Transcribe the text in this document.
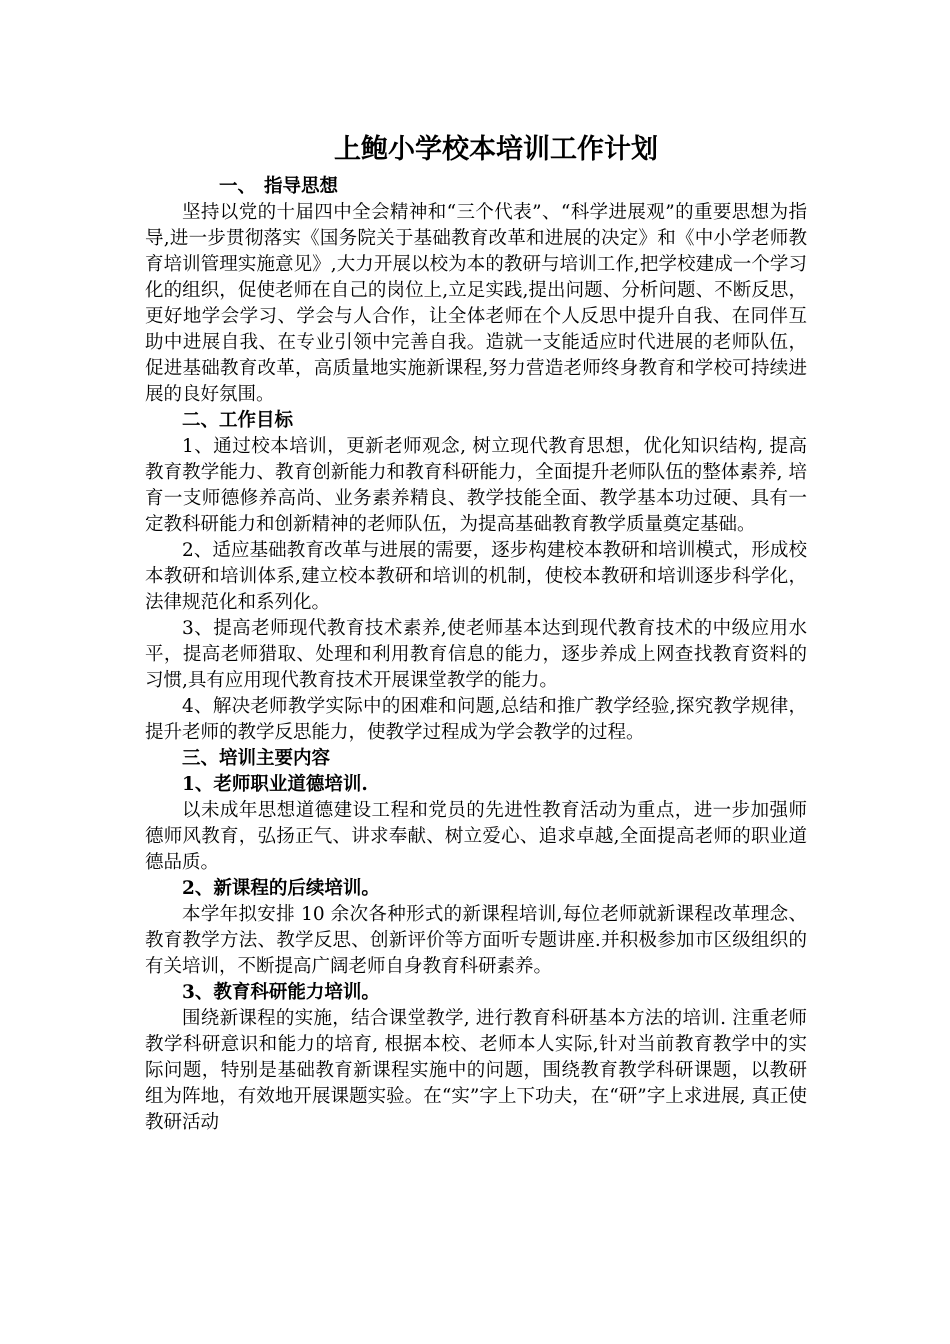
上鲍小学校本培训工作计划

一、 指导思想

坚持以党的十届四中全会精神和“三个代表”、“科学进展观”的重要思想为指导,进一步贯彻落实《国务院关于基础教育改革和进展的决定》和《中小学老师教育培训管理实施意见》,大力开展以校为本的教研与培训工作,把学校建成一个学习化的组织，促使老师在自己的岗位上,立足实践,提出问题、分析问题、不断反思，更好地学会学习、学会与人合作，让全体老师在个人反思中提升自我、在同伴互助中进展自我、在专业引领中完善自我。造就一支能适应时代进展的老师队伍，促进基础教育改革，高质量地实施新课程,努力营造老师终身教育和学校可持续进展的良好氛围。

二、工作目标

1、通过校本培训，更新老师观念, 树立现代教育思想，优化知识结构, 提高教育教学能力、教育创新能力和教育科研能力，全面提升老师队伍的整体素养, 培育一支师德修养高尚、业务素养精良、教学技能全面、教学基本功过硬、具有一定教科研能力和创新精神的老师队伍，为提高基础教育教学质量奠定基础。

2、适应基础教育改革与进展的需要，逐步构建校本教研和培训模式，形成校本教研和培训体系,建立校本教研和培训的机制，使校本教研和培训逐步科学化，法律规范化和系列化。

3、提高老师现代教育技术素养,使老师基本达到现代教育技术的中级应用水平，提高老师猎取、处理和利用教育信息的能力，逐步养成上网查找教育资料的习惯,具有应用现代教育技术开展课堂教学的能力。

4、解决老师教学实际中的困难和问题,总结和推广教学经验,探究教学规律，提升老师的教学反思能力，使教学过程成为学会教学的过程。

三、培训主要内容

1、老师职业道德培训.

以未成年思想道德建设工程和党员的先进性教育活动为重点，进一步加强师德师风教育，弘扬正气、讲求奉献、树立爱心、追求卓越,全面提高老师的职业道德品质。

2、新课程的后续培训。

本学年拟安排 10 余次各种形式的新课程培训,每位老师就新课程改革理念、教育教学方法、教学反思、创新评价等方面听专题讲座.并积极参加市区级组织的有关培训，不断提高广阔老师自身教育科研素养。

3、教育科研能力培训。

围绕新课程的实施，结合课堂教学, 进行教育科研基本方法的培训. 注重老师教学科研意识和能力的培育, 根据本校、老师本人实际,针对当前教育教学中的实际问题，特别是基础教育新课程实施中的问题，围绕教育教学科研课题，以教研组为阵地，有效地开展课题实验。在“实”字上下功夫，在“研”字上求进展, 真正使教研活动
